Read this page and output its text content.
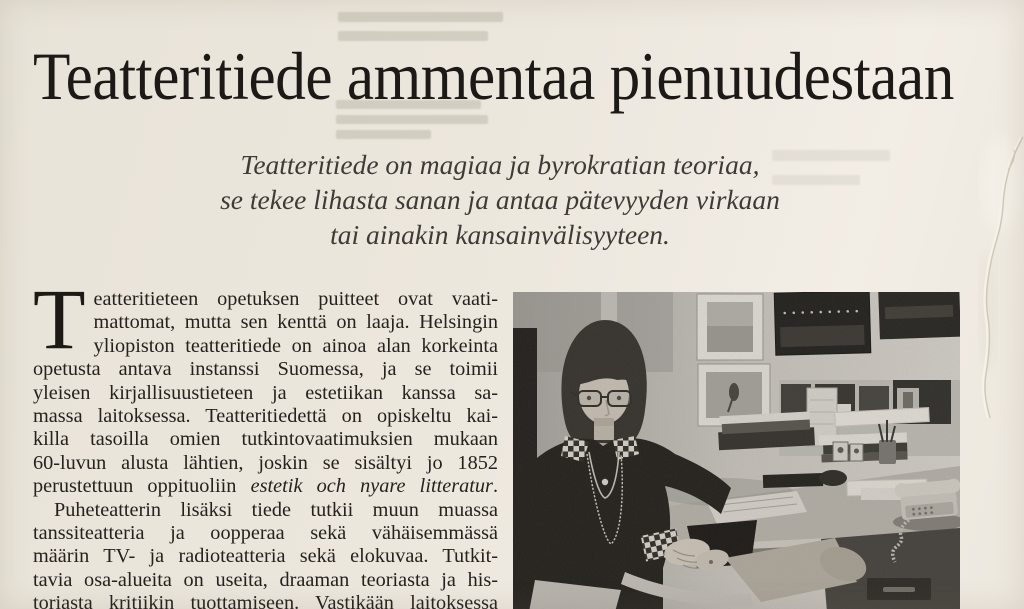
Teatteritiede ammentaa pienuudestaan
Teatteritiede on magiaa ja byrokratian teoriaa,
se tekee lihasta sanan ja antaa pätevyyden virkaan
tai ainakin kansainvälisyyteen.
T eatteritieteen opetuksen puitteet ovat vaati-
mattomat, mutta sen kenttä on laaja. Helsingin
yliopiston teatteritiede on ainoa alan korkeinta
opetusta antava instanssi Suomessa, ja se toimii
yleisen kirjallisuustieteen ja estetiikan kanssa sa-
massa laitoksessa. Teatteritiedettä on opiskeltu kai-
killa tasoilla omien tutkintovaatimuksien mukaan
60-luvun alusta lähtien, joskin se sisältyi jo 1852
perustettuun oppituoliin estetik och nyare litteratur.
Puheteatterin lisäksi tiede tutkii muun muassa
tanssiteatteria ja oopperaa sekä vähäisemmässä
määrin TV- ja radioteatteria sekä elokuvaa. Tutkit-
tavia osa-alueita on useita, draaman teoriasta ja his-
toriasta kritiikin tuottamiseen. Vastikään laitoksessa
